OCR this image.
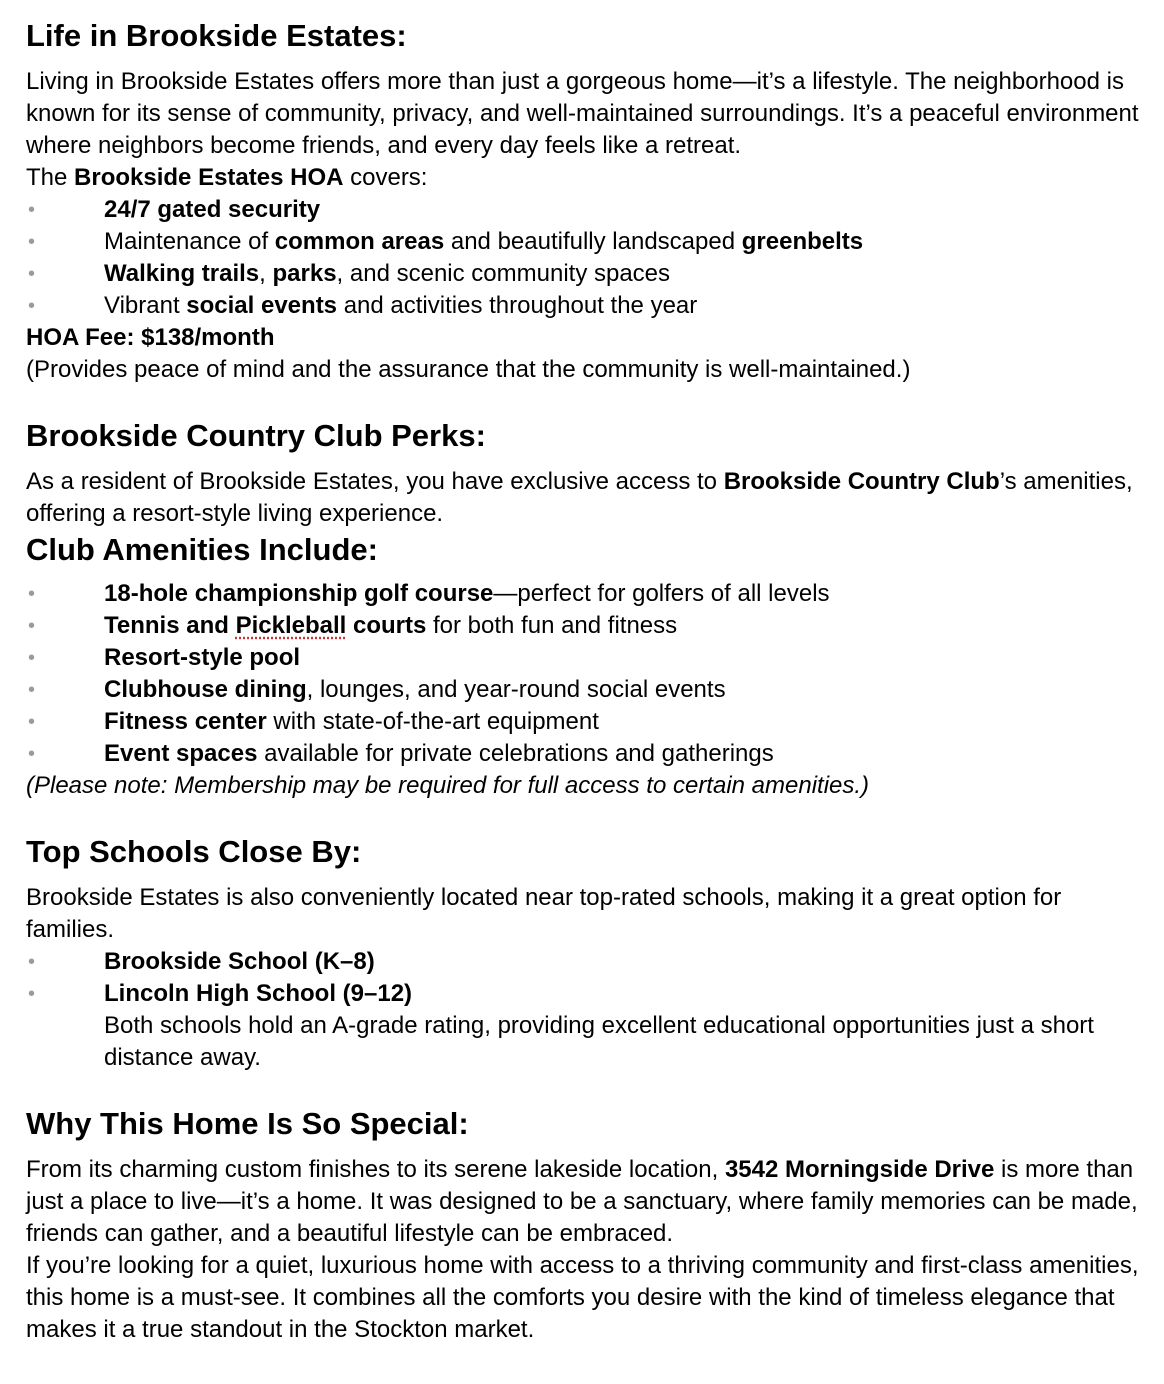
Life in Brookside Estates:

Living in Brookside Estates offers more than just a gorgeous home—it’s a lifestyle. The neighborhood is known for its sense of community, privacy, and well-maintained surroundings. It’s a peaceful environment where neighbors become friends, and every day feels like a retreat.

The Brookside Estates HOA covers:

•	24/7 gated security
•	Maintenance of common areas and beautifully landscaped greenbelts
•	Walking trails, parks, and scenic community spaces
•	Vibrant social events and activities throughout the year

HOA Fee: $138/month

(Provides peace of mind and the assurance that the community is well-maintained.)

Brookside Country Club Perks:

As a resident of Brookside Estates, you have exclusive access to Brookside Country Club’s amenities, offering a resort-style living experience.

Club Amenities Include:
•	18-hole championship golf course—perfect for golfers of all levels
•	Tennis and Pickleball courts for both fun and fitness
•	Resort-style pool
•	Clubhouse dining, lounges, and year-round social events
•	Fitness center with state-of-the-art equipment
•	Event spaces available for private celebrations and gatherings

(Please note: Membership may be required for full access to certain amenities.)

Top Schools Close By:

Brookside Estates is also conveniently located near top-rated schools, making it a great option for families.

•	Brookside School (K–8)
•	Lincoln High School (9–12)

Both schools hold an A-grade rating, providing excellent educational opportunities just a short distance away.

Why This Home Is So Special:

From its charming custom finishes to its serene lakeside location, 3542 Morningside Drive is more than just a place to live—it’s a home. It was designed to be a sanctuary, where family memories can be made, friends can gather, and a beautiful lifestyle can be embraced.

If you’re looking for a quiet, luxurious home with access to a thriving community and first-class amenities, this home is a must-see. It combines all the comforts you desire with the kind of timeless elegance that makes it a true standout in the Stockton market.
